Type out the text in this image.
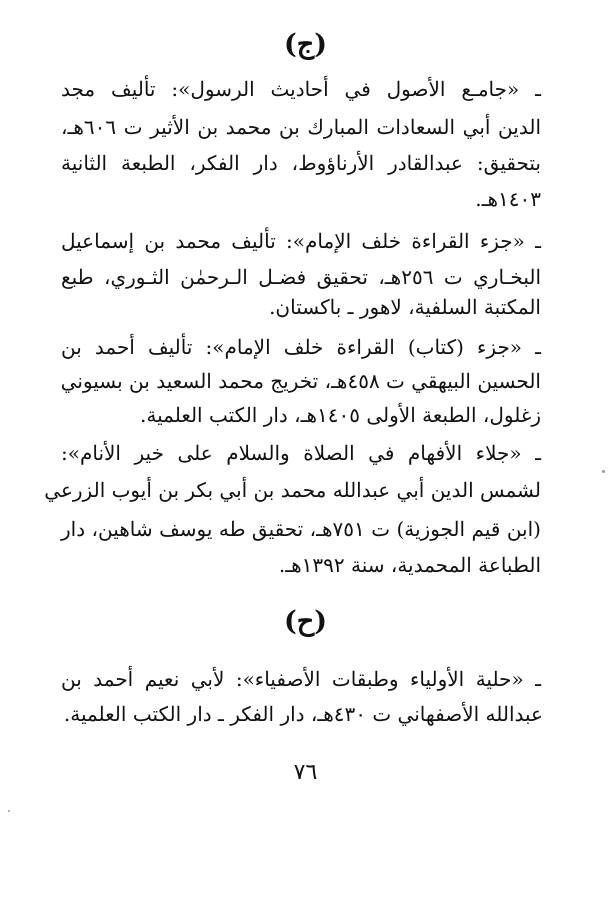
(ج)
ـ «جامـع الأصول في أحاديث الرسول»: تأليف مجد
الدين أبي السعادات المبارك بن محمد بن الأثير ت ٦٠٦هـ،
بتحقيق: عبدالقادر الأرناؤوط، دار الفكر، الطبعة الثانية
١٤٠٣هـ.
ـ «جزء القراءة خلف الإمام»: تأليف محمد بن إسماعيل
البخـاري ت ٢٥٦هـ، تحقيق فضـل الـرحمٰن الثـوري، طبع
المكتبة السلفية، لاهور ـ باكستان.
ـ «جزء (كتاب) القراءة خلف الإمام»: تأليف أحمد بن
الحسين البيهقي ت ٤٥٨هـ، تخريج محمد السعيد بن بسيوني
زغلول، الطبعة الأولى ١٤٠٥هـ، دار الكتب العلمية.
ـ «جلاء الأفهام في الصلاة والسلام على خير الأنام»:
لشمس الدين أبي عبدالله محمد بن أبي بكر بن أيوب الزرعي
(ابن قيم الجوزية) ت ٧٥١هـ، تحقيق طه يوسف شاهين، دار
الطباعة المحمدية، سنة ١٣٩٢هـ.
(ح)
ـ «حلية الأولياء وطبقات الأصفياء»: لأبي نعيم أحمد بن
عبدالله الأصفهاني ت ٤٣٠هـ، دار الفكر ـ دار الكتب العلمية.
٧٦
